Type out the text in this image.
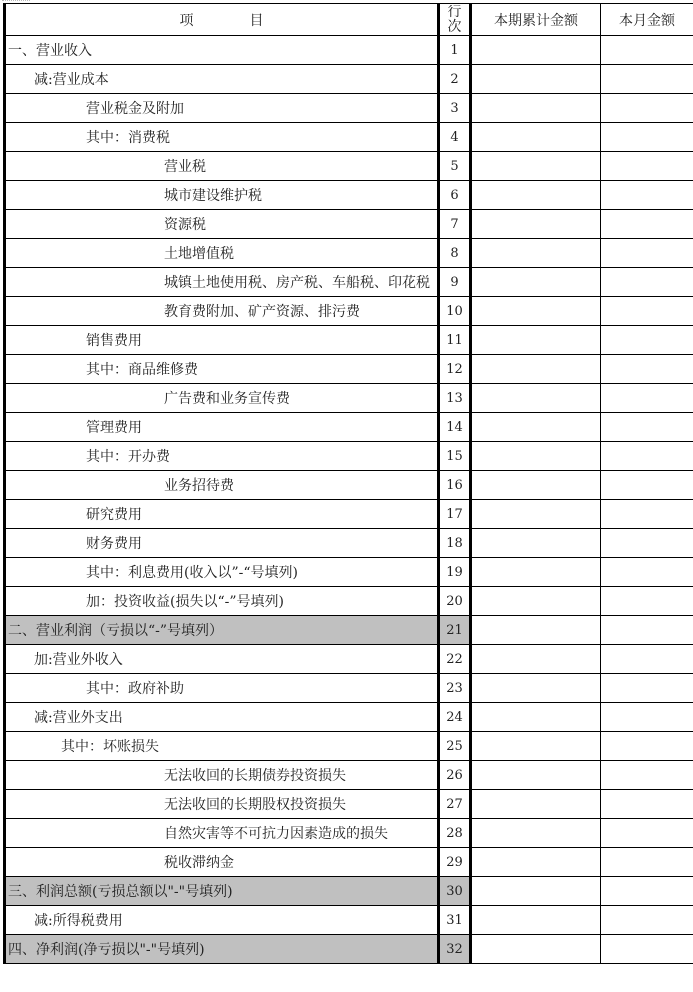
项 目	行次	本期累计金额	本月金额
一、营业收入	1		
减:营业成本	2		
营业税金及附加	3		
其中：消费税	4		
营业税	5		
城市建设维护税	6		
资源税	7		
土地增值税	8		
城镇土地使用税、房产税、车船税、印花税	9		
教育费附加、矿产资源、排污费	10		
销售费用	11		
其中：商品维修费	12		
广告费和业务宣传费	13		
管理费用	14		
其中：开办费	15		
业务招待费	16		
研究费用	17		
财务费用	18		
其中：利息费用(收入以”-“号填列)	19		
加：投资收益(损失以“-”号填列)	20		
二、营业利润（亏损以“-”号填列）	21		
加:营业外收入	22		
其中：政府补助	23		
减:营业外支出	24		
其中：坏账损失	25		
无法收回的长期债券投资损失	26		
无法收回的长期股权投资损失	27		
自然灾害等不可抗力因素造成的损失	28		
税收滞纳金	29		
三、利润总额(亏损总额以"-"号填列)	30		
减:所得税费用	31		
四、净利润(净亏损以"-"号填列)	32		
